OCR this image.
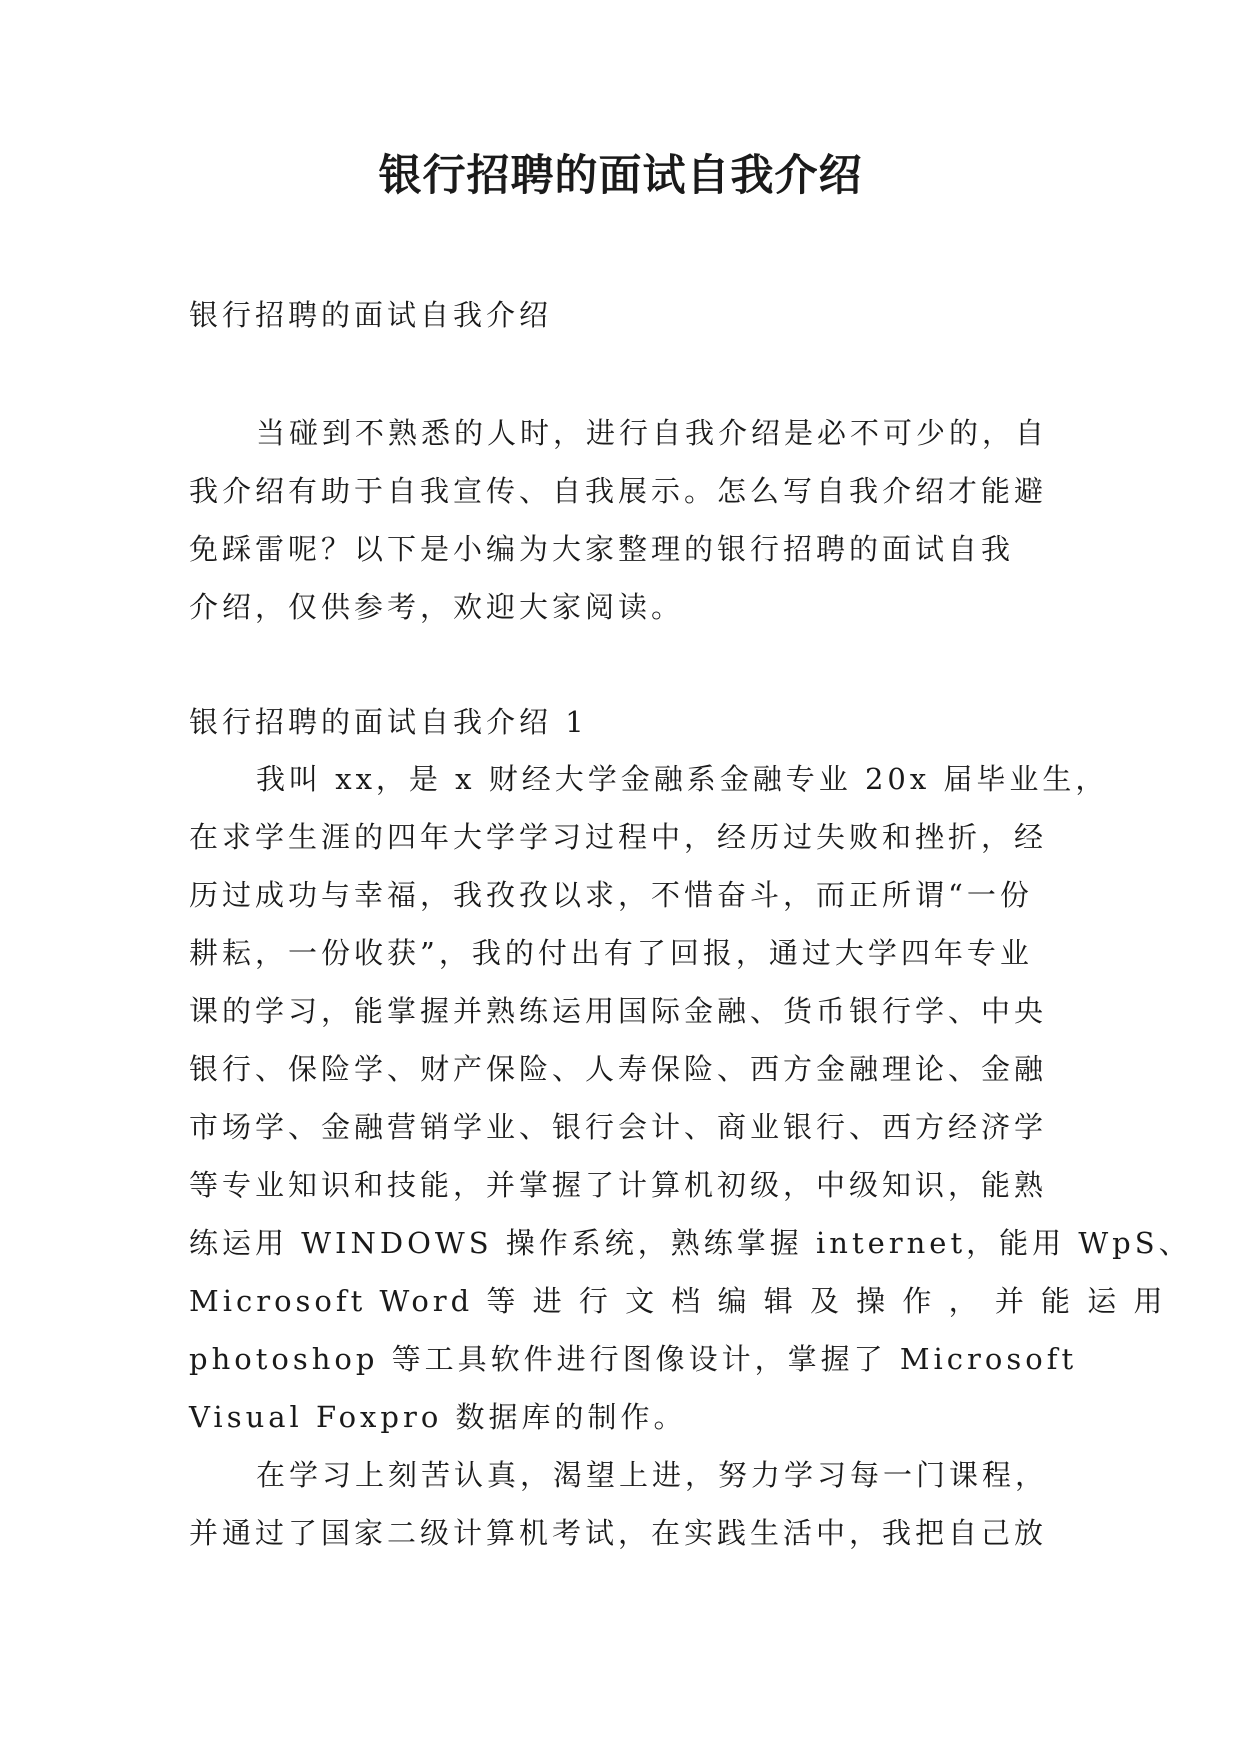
银行招聘的面试自我介绍

银行招聘的面试自我介绍

当碰到不熟悉的人时，进行自我介绍是必不可少的，自
我介绍有助于自我宣传、自我展示。怎么写自我介绍才能避
免踩雷呢？以下是小编为大家整理的银行招聘的面试自我
介绍，仅供参考，欢迎大家阅读。

银行招聘的面试自我介绍 1

我叫 xx，是 x 财经大学金融系金融专业 20x 届毕业生，
在求学生涯的四年大学学习过程中，经历过失败和挫折，经
历过成功与幸福，我孜孜以求，不惜奋斗，而正所谓“一份
耕耘，一份收获”，我的付出有了回报，通过大学四年专业
课的学习，能掌握并熟练运用国际金融、货币银行学、中央
银行、保险学、财产保险、人寿保险、西方金融理论、金融
市场学、金融营销学业、银行会计、商业银行、西方经济学
等专业知识和技能，并掌握了计算机初级，中级知识，能熟
练运用 WINDOWS 操作系统，熟练掌握 internet，能用 WpS、
Microsoft Word 等 进 行 文 档 编 辑 及 操 作 ， 并 能 运 用
photoshop 等工具软件进行图像设计，掌握了 Microsoft
Visual Foxpro 数据库的制作。
在学习上刻苦认真，渴望上进，努力学习每一门课程，
并通过了国家二级计算机考试，在实践生活中，我把自己放
